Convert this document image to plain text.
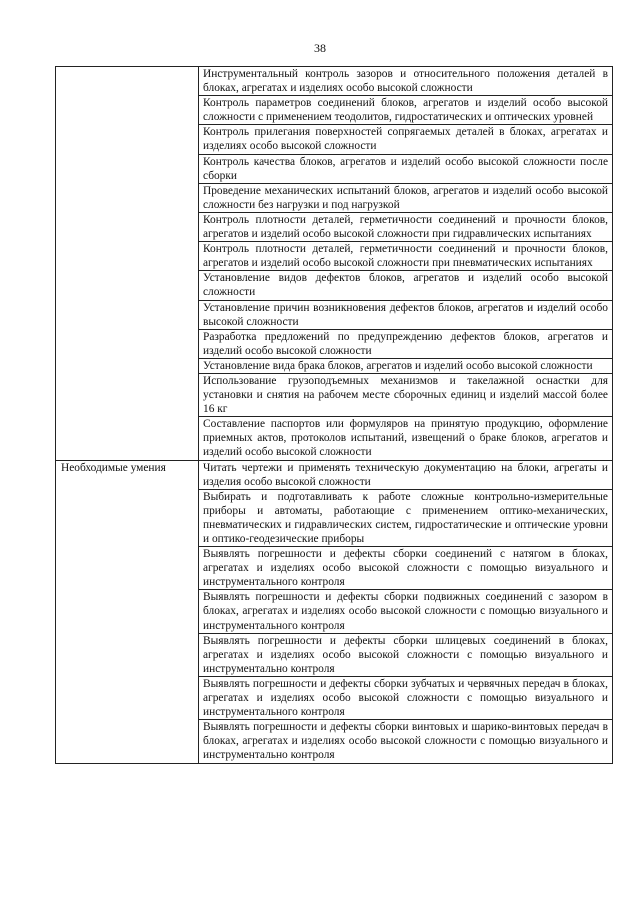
38
	Инструментальный контроль зазоров и относительного положения деталей в блоках, агрегатах и изделиях особо высокой сложности
	Контроль параметров соединений блоков, агрегатов и изделий особо высокой сложности с применением теодолитов, гидростатических и оптических уровней
	Контроль прилегания поверхностей сопрягаемых деталей в блоках, агрегатах и изделиях особо высокой сложности
	Контроль качества блоков, агрегатов и изделий особо высокой сложности после сборки
	Проведение механических испытаний блоков, агрегатов и изделий особо высокой сложности без нагрузки и под нагрузкой
	Контроль плотности деталей, герметичности соединений и прочности блоков, агрегатов и изделий особо высокой сложности при гидравлических испытаниях
	Контроль плотности деталей, герметичности соединений и прочности блоков, агрегатов и изделий особо высокой сложности при пневматических испытаниях
	Установление видов дефектов блоков, агрегатов и изделий особо высокой сложности
	Установление причин возникновения дефектов блоков, агрегатов и изделий особо высокой сложности
	Разработка предложений по предупреждению дефектов блоков, агрегатов и изделий особо высокой сложности
	Установление вида брака блоков, агрегатов и изделий особо высокой сложности
	Использование грузоподъемных механизмов и такелажной оснастки для установки и снятия на рабочем месте сборочных единиц и изделий массой более 16 кг
	Составление паспортов или формуляров на принятую продукцию, оформление приемных актов, протоколов испытаний, извещений о браке блоков, агрегатов и изделий особо высокой сложности
Необходимые умения	Читать чертежи и применять техническую документацию на блоки, агрегаты и изделия особо высокой сложности
	Выбирать и подготавливать к работе сложные контрольно-измерительные приборы и автоматы, работающие с применением оптико-механических, пневматических и гидравлических систем, гидростатические и оптические уровни и оптико-геодезические приборы
	Выявлять погрешности и дефекты сборки соединений с натягом в блоках, агрегатах и изделиях особо высокой сложности с помощью визуального и инструментального контроля
	Выявлять погрешности и дефекты сборки подвижных соединений с зазором в блоках, агрегатах и изделиях особо высокой сложности с помощью визуального и инструментального контроля
	Выявлять погрешности и дефекты сборки шлицевых соединений в блоках, агрегатах и изделиях особо высокой сложности с помощью визуального и инструментально контроля
	Выявлять погрешности и дефекты сборки зубчатых и червячных передач в блоках, агрегатах и изделиях особо высокой сложности с помощью визуального и инструментального контроля
	Выявлять погрешности и дефекты сборки винтовых и шарико-винтовых передач в блоках, агрегатах и изделиях особо высокой сложности с помощью визуального и инструментально контроля
